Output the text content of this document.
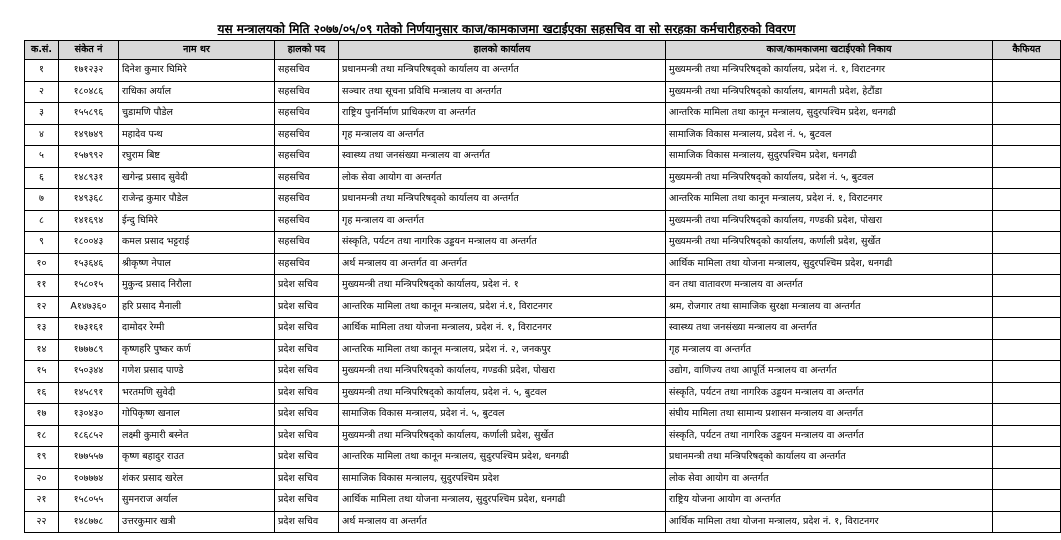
यस मन्त्रालयको मिति २०७७/०५/०९ गतेको निर्णयानुसार काज/कामकाजमा खटाईएका सहसचिव वा सो सरहका कर्मचारीहरुको विवरण
क.सं.	संकेत नं	नाम थर	हालको पद	हालको कार्यालय	काज/कामकाजमा खटाईएको निकाय	कैफियत
१	१७१२३२	दिनेश कुमार घिमिरे	सहसचिव	प्रधानमन्त्री तथा मन्त्रिपरिषद्को कार्यालय वा अन्तर्गत	मुख्यमन्त्री तथा मन्त्रिपरिषद्को कार्यालय, प्रदेश नं. १, विराटनगर	
२	१८०४८६	राधिका अर्याल	सहसचिव	सञ्चार तथा सूचना प्रविधि मन्त्रालय वा अन्तर्गत	मुख्यमन्त्री तथा मन्त्रिपरिषद्को कार्यालय, बागमती प्रदेश, हेटौंडा	
३	१५५८९६	चुडामणि पौडेल	सहसचिव	राष्ट्रिय पुनर्निर्माण प्राधिकरण वा अन्तर्गत	आन्तरिक मामिला तथा कानून मन्त्रालय, सुदुरपश्चिम प्रदेश, धनगढी	
४	१४९७४९	महादेव पन्थ	सहसचिव	गृह मन्त्रालय वा अन्तर्गत	सामाजिक विकास मन्त्रालय, प्रदेश नं. ५, बुटवल	
५	१५७९९२	रघुराम बिष्ट	सहसचिव	स्वास्थ्य तथा जनसंख्या मन्त्रालय वा अन्तर्गत	सामाजिक विकास मन्त्रालय, सुदुरपश्चिम प्रदेश, धनगढी	
६	१४८९३१	खगेन्द्र प्रसाद सुवेदी	सहसचिव	लोक सेवा आयोग वा अन्तर्गत	मुख्यमन्त्री तथा मन्त्रिपरिषद्को कार्यालय, प्रदेश नं. ५, बुटवल	
७	१४९३६८	राजेन्द्र कुमार पौडेल	सहसचिव	प्रधानमन्त्री तथा मन्त्रिपरिषद्को कार्यालय वा अन्तर्गत	आन्तरिक मामिला तथा कानून मन्त्रालय, प्रदेश नं. १, विराटनगर	
८	१४१६९४	ईन्दु घिमिरे	सहसचिव	गृह मन्त्रालय वा अन्तर्गत	मुख्यमन्त्री तथा मन्त्रिपरिषद्को कार्यालय, गण्डकी प्रदेश, पोखरा	
९	१८००४३	कमल प्रसाद भट्टराई	सहसचिव	संस्कृति, पर्यटन तथा नागरिक उड्डयन मन्त्रालय वा अन्तर्गत	मुख्यमन्त्री तथा मन्त्रिपरिषद्को कार्यालय, कर्णाली प्रदेश, सुर्खेत	
१०	१५३६४६	श्रीकृष्ण नेपाल	सहसचिव	अर्थ मन्त्रालय वा अन्तर्गत वा अन्तर्गत	आर्थिक मामिला तथा योजना मन्त्रालय, सुदुरपश्चिम प्रदेश, धनगढी	
११	१५८०१५	मुकुन्द प्रसाद निरौला	प्रदेश सचिव	मुख्यमन्त्री तथा मन्त्रिपरिषद्को कार्यालय, प्रदेश नं. १	वन तथा वातावरण मन्त्रालय वा अन्तर्गत	
१२	A१४७३६०	हरि प्रसाद मैनाली	प्रदेश सचिव	आन्तरिक मामिला तथा कानून मन्त्रालय, प्रदेश नं.१, विराटनगर	श्रम, रोजगार तथा सामाजिक सुरक्षा मन्त्रालय वा अन्तर्गत	
१३	१७३१६१	दामोदर रेग्मी	प्रदेश सचिव	आर्थिक मामिला तथा योजना मन्त्रालय, प्रदेश नं. १, विराटनगर	स्वास्थ्य तथा जनसंख्या मन्त्रालय वा अन्तर्गत	
१४	१७७७८९	कृष्णहरि पुष्कर कर्ण	प्रदेश सचिव	आन्तरिक मामिला तथा कानून मन्त्रालय, प्रदेश नं. २, जनकपुर	गृह मन्त्रालय वा अन्तर्गत	
१५	१५०३४४	गणेश प्रसाद पाण्डे	प्रदेश सचिव	मुख्यमन्त्री तथा मन्त्रिपरिषद्को कार्यालय, गण्डकी प्रदेश, पोखरा	उद्योग, वाणिज्य तथा आपूर्ति मन्त्रालय वा अन्तर्गत	
१६	१४५८९१	भरतमणि सुवेदी	प्रदेश सचिव	मुख्यमन्त्री तथा मन्त्रिपरिषद्को कार्यालय, प्रदेश नं. ५, बुटवल	संस्कृति, पर्यटन तथा नागरिक उड्डयन मन्त्रालय वा अन्तर्गत	
१७	१३०४३०	गोपिकृष्ण खनाल	प्रदेश सचिव	सामाजिक विकास मन्त्रालय, प्रदेश नं. ५, बुटवल	संघीय मामिला तथा सामान्य प्रशासन मन्त्रालय वा अन्तर्गत	
१८	१८६८५२	लक्ष्मी कुमारी बस्नेत	प्रदेश सचिव	मुख्यमन्त्री तथा मन्त्रिपरिषद्को कार्यालय, कर्णाली प्रदेश, सुर्खेत	संस्कृति, पर्यटन तथा नागरिक उड्डयन मन्त्रालय वा अन्तर्गत	
१९	१७७५५७	कृष्ण बहादुर राउत	प्रदेश सचिव	आन्तरिक मामिला तथा कानून मन्त्रालय, सुदुरपश्चिम प्रदेश, धनगढी	प्रधानमन्त्री तथा मन्त्रिपरिषद्को कार्यालय वा अन्तर्गत	
२०	१०७७७४	शंकर प्रसाद खरेल	प्रदेश सचिव	सामाजिक विकास मन्त्रालय, सुदुरपश्चिम प्रदेश	लोक सेवा आयोग वा अन्तर्गत	
२१	१५८०५५	सुमनराज अर्याल	प्रदेश सचिव	आर्थिक मामिला तथा योजना मन्त्रालय, सुदुरपश्चिम प्रदेश, धनगढी	राष्ट्रिय योजना आयोग वा अन्तर्गत	
२२	१४८७७८	उत्तरकुमार खत्री	प्रदेश सचिव	अर्थ मन्त्रालय वा अन्तर्गत	आर्थिक मामिला तथा योजना मन्त्रालय, प्रदेश नं. १, विराटनगर	
